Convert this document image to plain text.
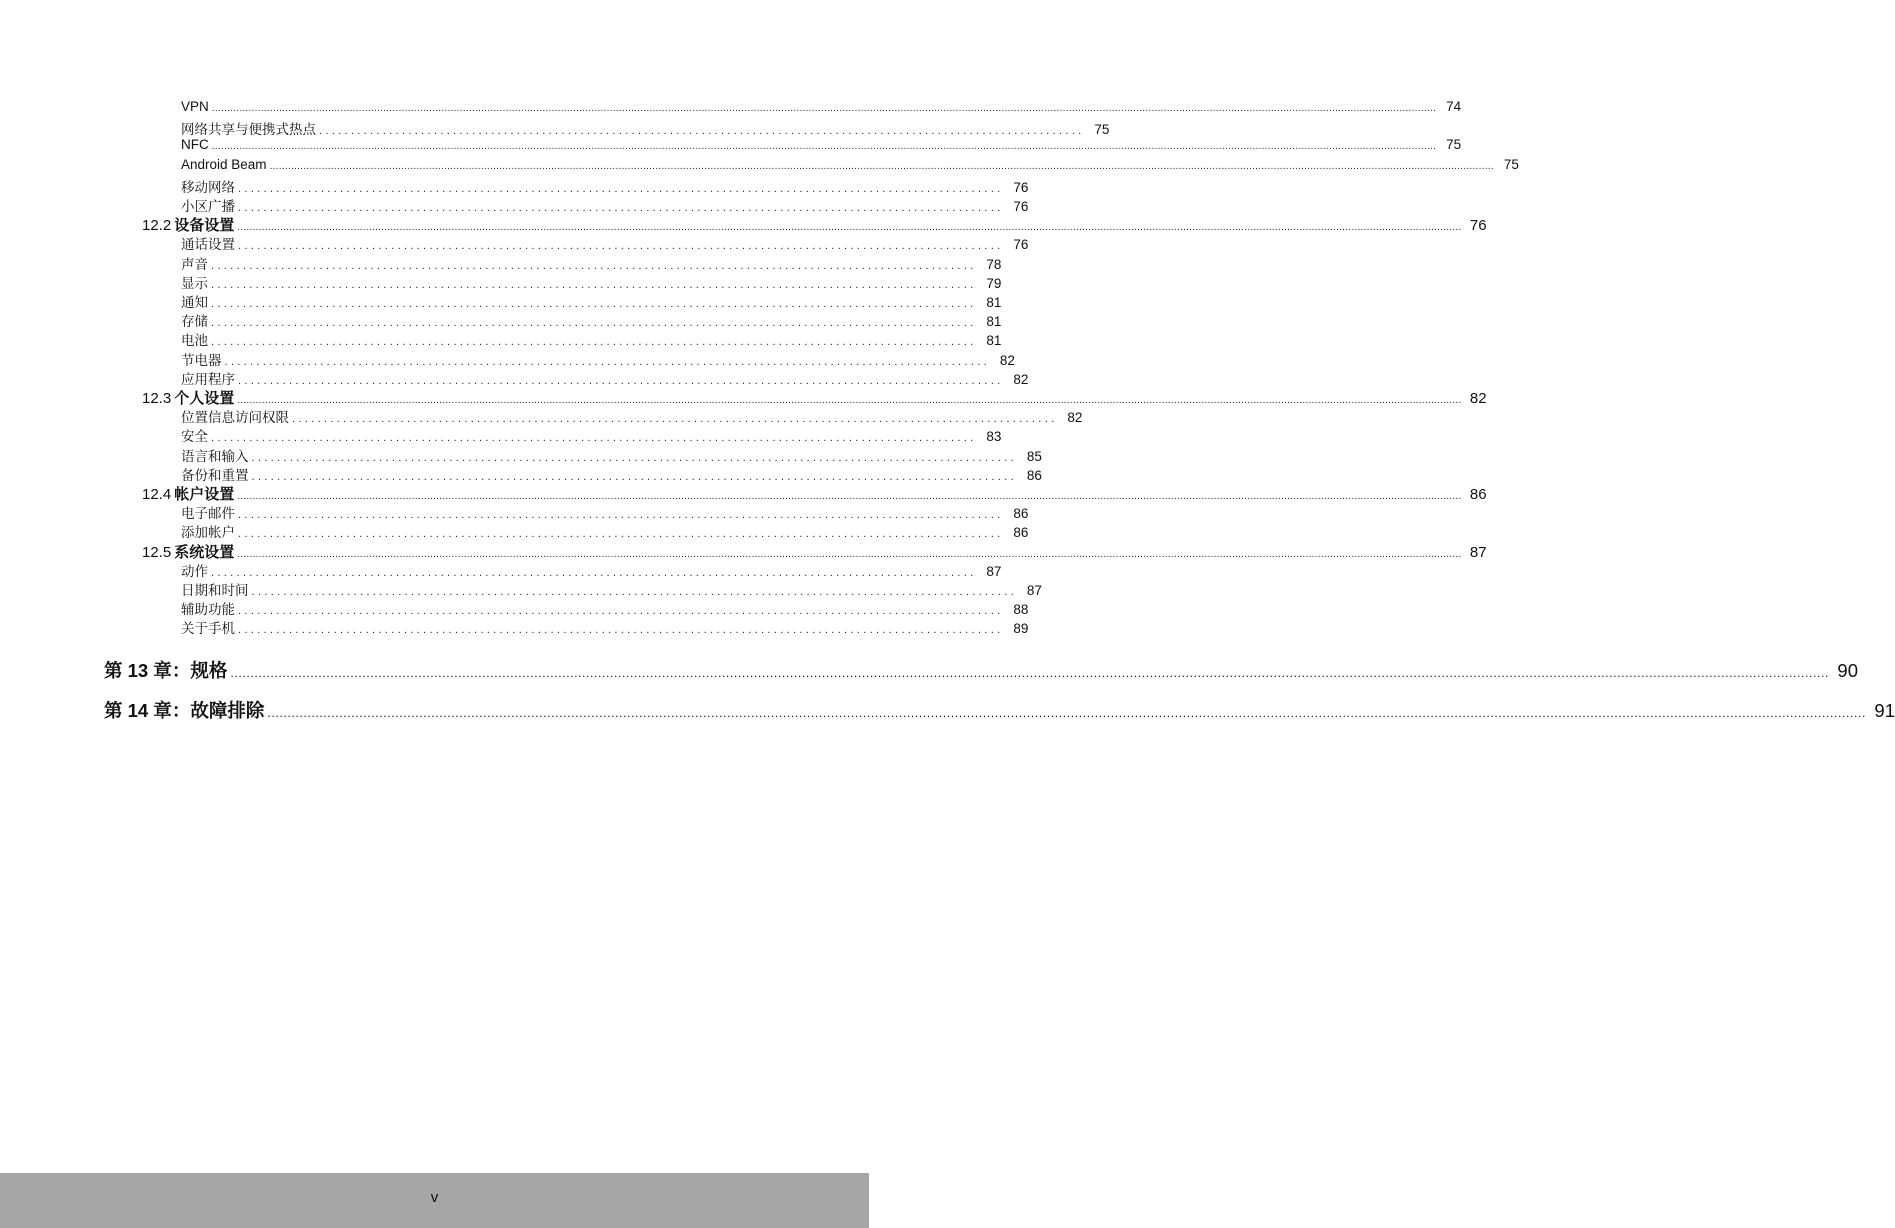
VPN ................................................................................................................................................................................................................................................................................................................................................................................................................ 74
网络共享与便携式热点 ........................................................................................................................ 75
NFC ................................................................................................................................................................................................................................................................................................................................................................................................................ 75
Android Beam ................................................................................................................................................................................................................................................................................................................................................................................................................ 75
移动网络 ........................................................................................................................ 76
小区广播 ........................................................................................................................ 76
12.2 设备设置 ................................................................................................................................................................................................................................................................................................................................................................................................................ 76
通话设置 ........................................................................................................................ 76
声音 ........................................................................................................................ 78
显示 ........................................................................................................................ 79
通知 ........................................................................................................................ 81
存储 ........................................................................................................................ 81
电池 ........................................................................................................................ 81
节电器 ........................................................................................................................ 82
应用程序 ........................................................................................................................ 82
12.3 个人设置 ................................................................................................................................................................................................................................................................................................................................................................................................................ 82
位置信息访问权限 ........................................................................................................................ 82
安全 ........................................................................................................................ 83
语言和输入 ........................................................................................................................ 85
备份和重置 ........................................................................................................................ 86
12.4 帐户设置 ................................................................................................................................................................................................................................................................................................................................................................................................................ 86
电子邮件 ........................................................................................................................ 86
添加帐户 ........................................................................................................................ 86
12.5 系统设置 ................................................................................................................................................................................................................................................................................................................................................................................................................ 87
动作 ........................................................................................................................ 87
日期和时间 ........................................................................................................................ 87
辅助功能 ........................................................................................................................ 88
关于手机 ........................................................................................................................ 89
第 13 章：规格 ................................................................................................................................................................................................................................................................................................................................................................................................................ 90
第 14 章：故障排除 ................................................................................................................................................................................................................................................................................................................................................................................................................ 91
v
